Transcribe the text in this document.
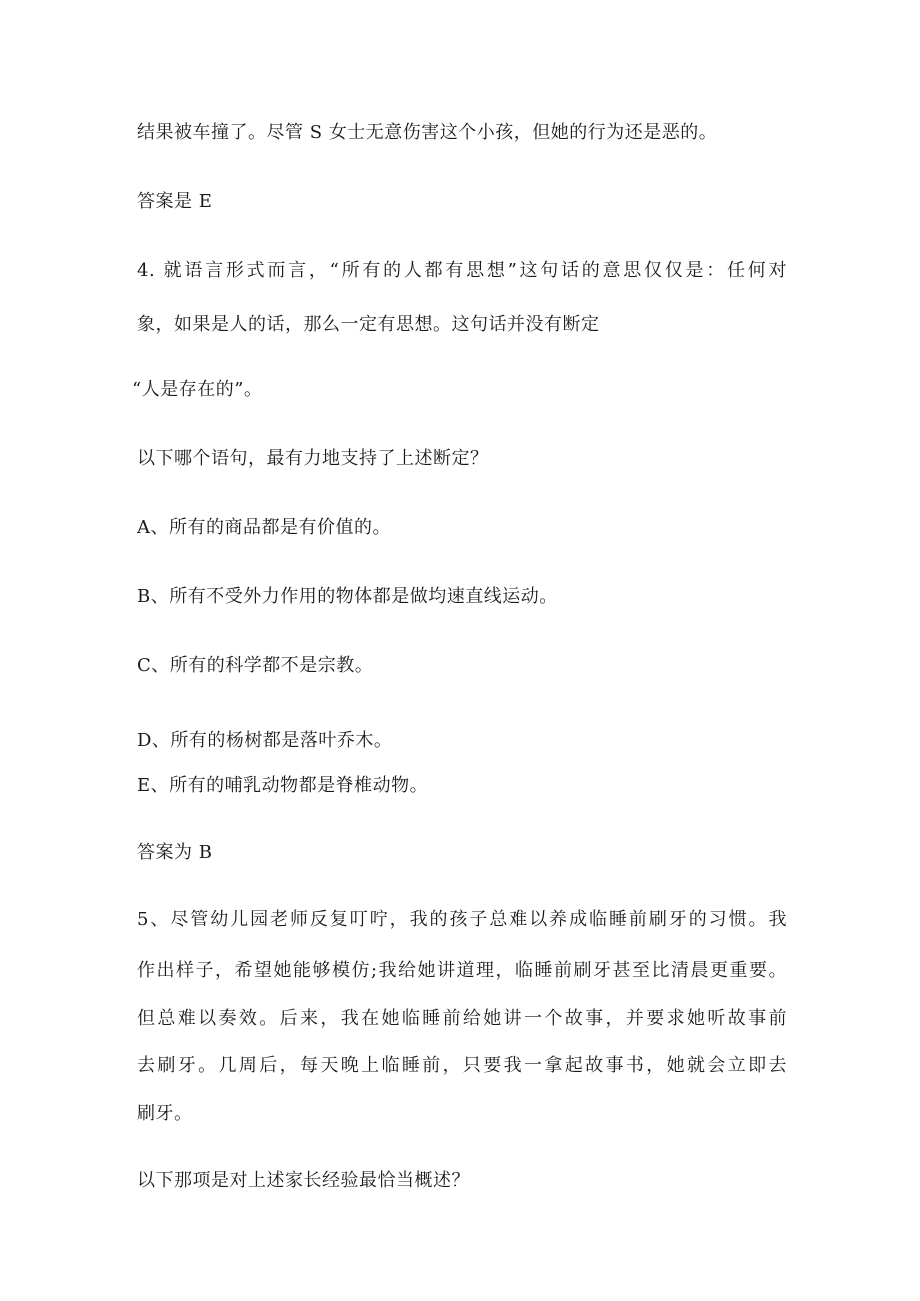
结果被车撞了。尽管 S 女士无意伤害这个小孩，但她的行为还是恶的。
答案是 E
4. 就语言形式而言，“所有的人都有思想”这句话的意思仅仅是：任何对
象，如果是人的话，那么一定有思想。这句话并没有断定
“人是存在的”。
以下哪个语句，最有力地支持了上述断定？
A、所有的商品都是有价值的。
B、所有不受外力作用的物体都是做均速直线运动。
C、所有的科学都不是宗教。
D、所有的杨树都是落叶乔木。
E、所有的哺乳动物都是脊椎动物。
答案为 B
5、尽管幼儿园老师反复叮咛，我的孩子总难以养成临睡前刷牙的习惯。我
作出样子，希望她能够模仿;我给她讲道理，临睡前刷牙甚至比清晨更重要。
但总难以奏效。后来，我在她临睡前给她讲一个故事，并要求她听故事前
去刷牙。几周后，每天晚上临睡前，只要我一拿起故事书，她就会立即去
刷牙。
以下那项是对上述家长经验最恰当概述？
